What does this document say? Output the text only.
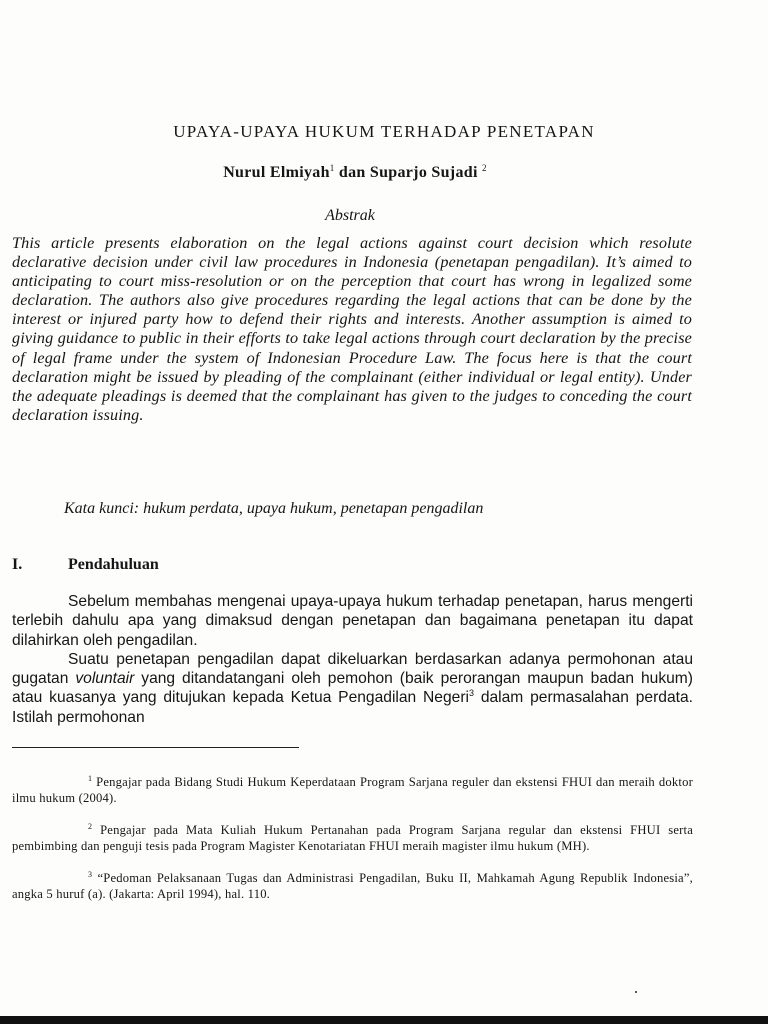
UPAYA-UPAYA HUKUM TERHADAP PENETAPAN
Nurul Elmiyah$^1$ dan Suparjo Sujadi $^2$
Abstrak
This article presents elaboration on the legal actions against court decision which resolute declarative decision under civil law procedures in Indonesia (penetapan pengadilan). It’s aimed to anticipating to court miss-resolution or on the perception that court has wrong in legalized some declaration. The authors also give procedures regarding the legal actions that can be done by the interest or injured party how to defend their rights and interests. Another assumption is aimed to giving guidance to public in their efforts to take legal actions through court declaration by the precise of legal frame under the system of Indonesian Procedure Law. The focus here is that the court declaration might be issued by pleading of the complainant (either individual or legal entity). Under the adequate pleadings is deemed that the complainant has given to the judges to conceding the court declaration issuing.
Kata kunci: hukum perdata, upaya hukum, penetapan pengadilan
I.	Pendahuluan

Sebelum membahas mengenai upaya-upaya hukum terhadap penetapan, harus mengerti terlebih dahulu apa yang dimaksud dengan penetapan dan bagaimana penetapan itu dapat dilahirkan oleh pengadilan.

Suatu penetapan pengadilan dapat dikeluarkan berdasarkan adanya permohonan atau gugatan voluntair yang ditandatangani oleh pemohon (baik perorangan maupun badan hukum) atau kuasanya yang ditujukan kepada Ketua Pengadilan Negeri$^3$ dalam permasalahan perdata. Istilah permohonan

$^1$ Pengajar pada Bidang Studi Hukum Keperdataan Program Sarjana reguler dan ekstensi FHUI dan meraih doktor ilmu hukum (2004).

$^2$ Pengajar pada Mata Kuliah Hukum Pertanahan pada Program Sarjana regular dan ekstensi FHUI serta pembimbing dan penguji tesis pada Program Magister Kenotariatan FHUI meraih magister ilmu hukum (MH).

$^3$ “Pedoman Pelaksanaan Tugas dan Administrasi Pengadilan, Buku II, Mahkamah Agung Republik Indonesia”, angka 5 huruf (a). (Jakarta: April 1994), hal. 110.
